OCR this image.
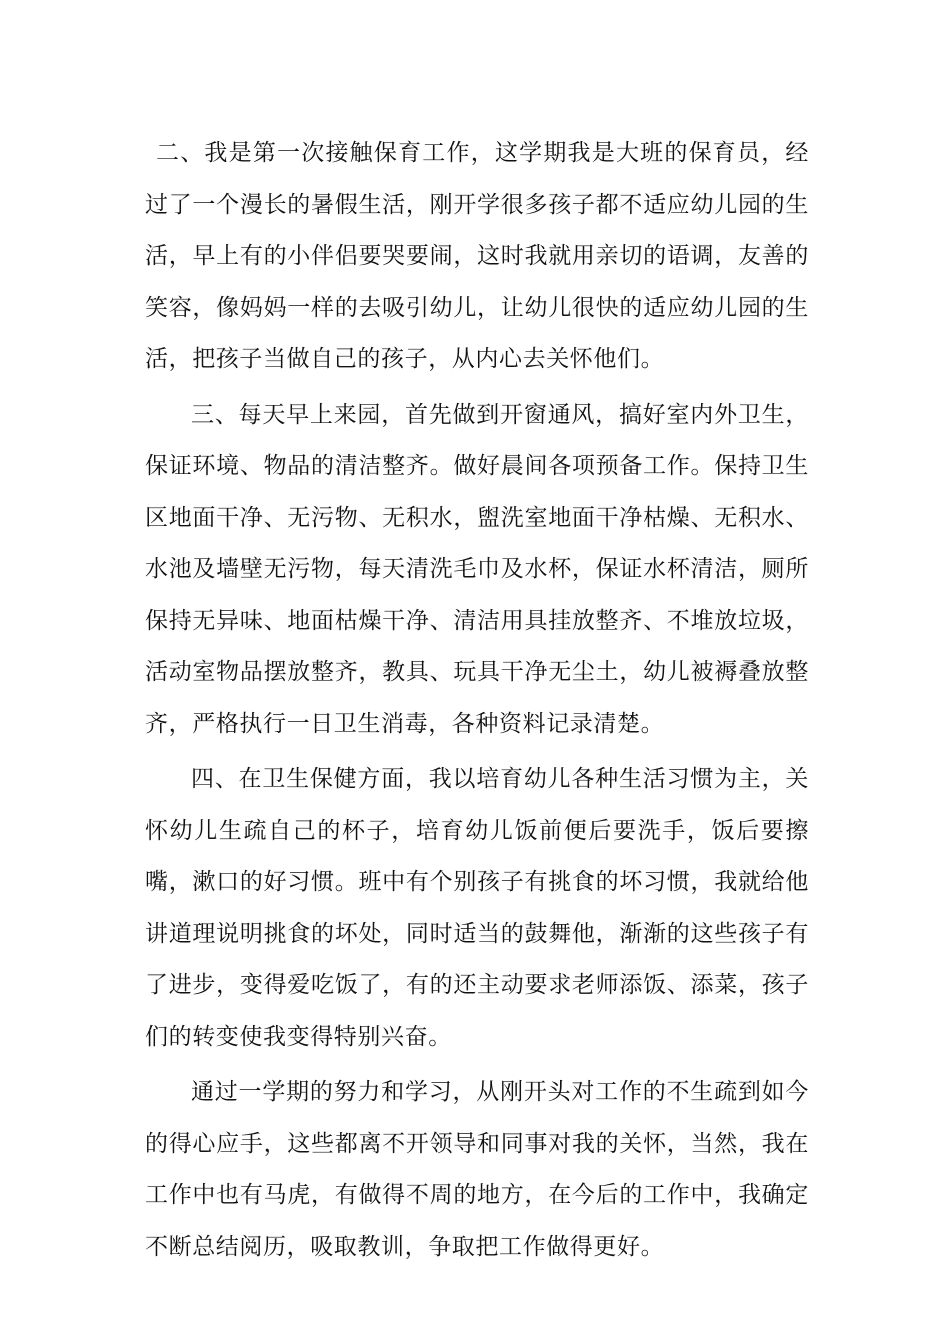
二、我是第一次接触保育工作，这学期我是大班的保育员，经过了一个漫长的暑假生活，刚开学很多孩子都不适应幼儿园的生活，早上有的小伴侣要哭要闹，这时我就用亲切的语调，友善的笑容，像妈妈一样的去吸引幼儿，让幼儿很快的适应幼儿园的生活，把孩子当做自己的孩子，从内心去关怀他们。

三、每天早上来园，首先做到开窗通风，搞好室内外卫生，保证环境、物品的清洁整齐。做好晨间各项预备工作。保持卫生区地面干净、无污物、无积水，盥洗室地面干净枯燥、无积水、水池及墙壁无污物，每天清洗毛巾及水杯，保证水杯清洁，厕所保持无异味、地面枯燥干净、清洁用具挂放整齐、不堆放垃圾，活动室物品摆放整齐，教具、玩具干净无尘土，幼儿被褥叠放整齐，严格执行一日卫生消毒，各种资料记录清楚。

四、在卫生保健方面，我以培育幼儿各种生活习惯为主，关怀幼儿生疏自己的杯子，培育幼儿饭前便后要洗手，饭后要擦嘴，漱口的好习惯。班中有个别孩子有挑食的坏习惯，我就给他讲道理说明挑食的坏处，同时适当的鼓舞他，渐渐的这些孩子有了进步，变得爱吃饭了，有的还主动要求老师添饭、添菜，孩子们的转变使我变得特别兴奋。

通过一学期的努力和学习，从刚开头对工作的不生疏到如今的得心应手，这些都离不开领导和同事对我的关怀，当然，我在工作中也有马虎，有做得不周的地方，在今后的工作中，我确定不断总结阅历，吸取教训，争取把工作做得更好。
